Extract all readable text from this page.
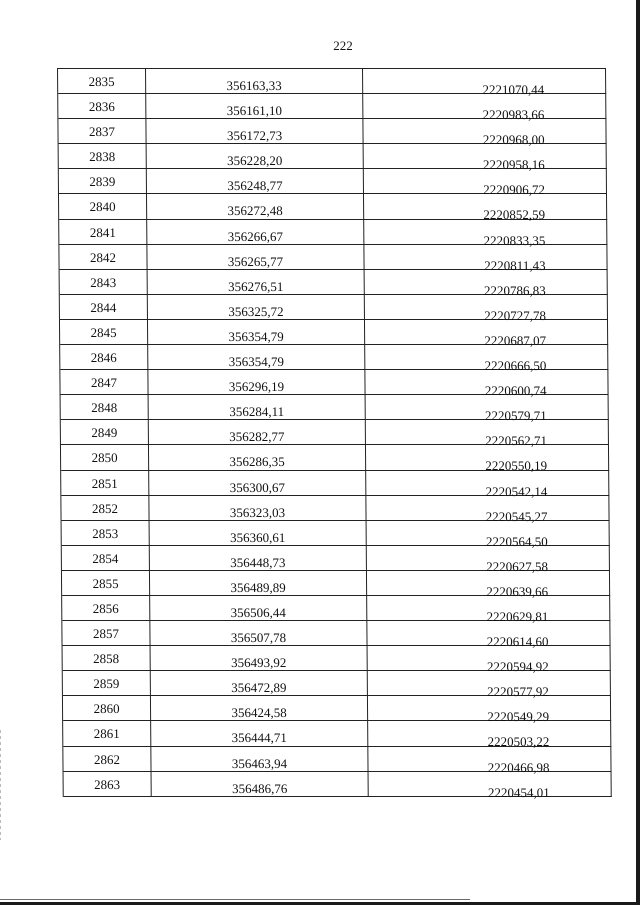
222
2835	356163,33	2221070,44
2836	356161,10	2220983,66
2837	356172,73	2220968,00
2838	356228,20	2220958,16
2839	356248,77	2220906,72
2840	356272,48	2220852,59
2841	356266,67	2220833,35
2842	356265,77	2220811,43
2843	356276,51	2220786,83
2844	356325,72	2220727,78
2845	356354,79	2220687,07
2846	356354,79	2220666,50
2847	356296,19	2220600,74
2848	356284,11	2220579,71
2849	356282,77	2220562,71
2850	356286,35	2220550,19
2851	356300,67	2220542,14
2852	356323,03	2220545,27
2853	356360,61	2220564,50
2854	356448,73	2220627,58
2855	356489,89	2220639,66
2856	356506,44	2220629,81
2857	356507,78	2220614,60
2858	356493,92	2220594,92
2859	356472,89	2220577,92
2860	356424,58	2220549,29
2861	356444,71	2220503,22
2862	356463,94	2220466,98
2863	356486,76	2220454,01
